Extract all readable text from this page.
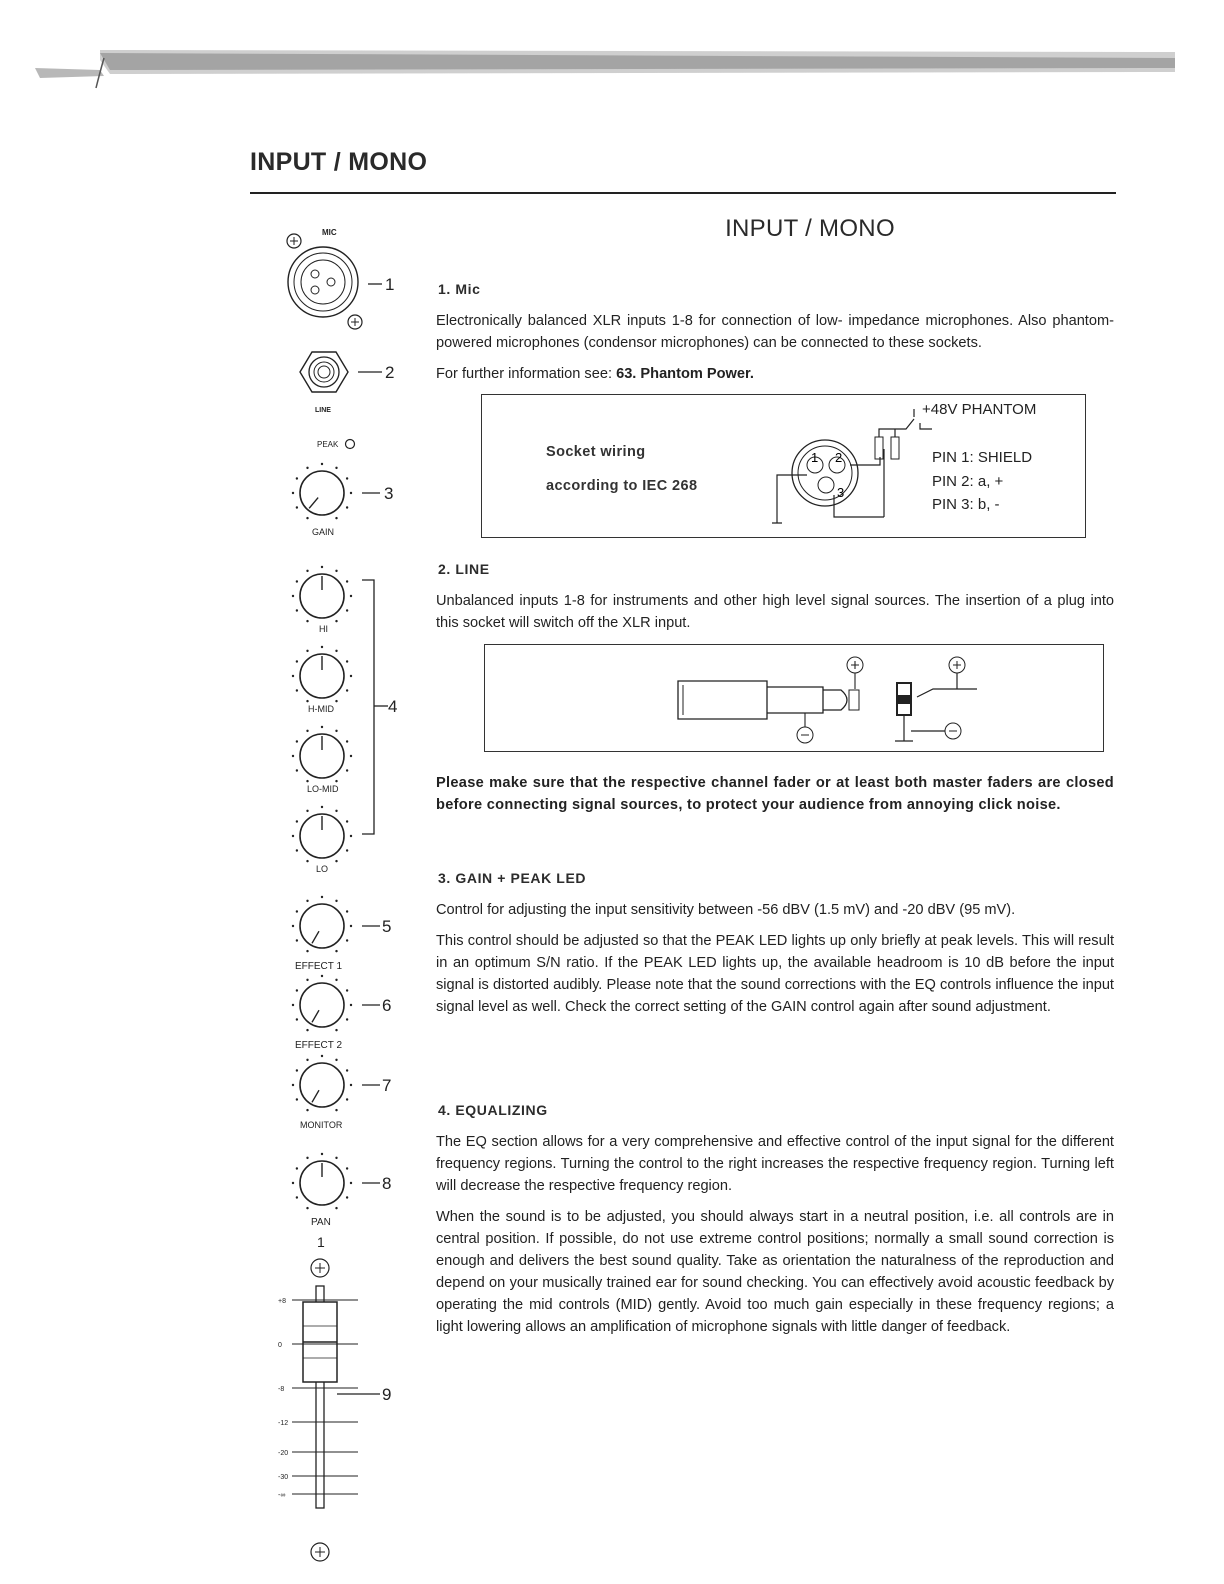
INPUT / MONO
MIC
1
2
LINE
PEAK
GAIN
HI
H-MID
LO-MID
LO
EFFECT 1
EFFECT 2
MONITOR
PAN
1
4
5
6
7
3
8
9
+8
0
-8
-12
-20
-30
-∞
INPUT / MONO
1. Mic

Electronically balanced XLR inputs 1-8 for connection of low- impedance microphones. Also phantom-powered microphones (condensor microphones) can be connected to these sockets.

For further information see: 63. Phantom Power.

Socket wiring
according to IEC 268
1 2
3
+48V PHANTOM
PIN 1: SHIELD
PIN 2: a, +
PIN 3: b, -
2. LINE

Unbalanced inputs 1-8 for instruments and other high level signal sources. The insertion of a plug into this socket will switch off the XLR input.

Please make sure that the respective channel fader or at least both master faders are closed before connecting signal sources, to protect your audience from annoying click noise.

3. GAIN + PEAK LED

Control for adjusting the input sensitivity between -56 dBV (1.5 mV) and -20 dBV (95 mV).

This control should be adjusted so that the PEAK LED lights up only briefly at peak levels. This will result in an optimum S/N ratio. If the PEAK LED lights up, the available headroom is 10 dB before the input signal is distorted audibly. Please note that the sound corrections with the EQ controls influence the input signal level as well. Check the correct setting of the GAIN control again after sound adjustment.

4. EQUALIZING

The EQ section allows for a very comprehensive and effective control of the input signal for the different frequency regions. Turning the control to the right increases the respective frequency region. Turning left will decrease the respective frequency region.

When the sound is to be adjusted, you should always start in a neutral position, i.e. all controls are in central position. If possible, do not use extreme control positions; normally a small sound correction is enough and delivers the best sound quality. Take as orientation the naturalness of the reproduction and depend on your musically trained ear for sound checking. You can effectively avoid acoustic feedback by operating the mid controls (MID) gently. Avoid too much gain especially in these frequency regions; a light lowering allows an amplification of microphone signals with little danger of feedback.
